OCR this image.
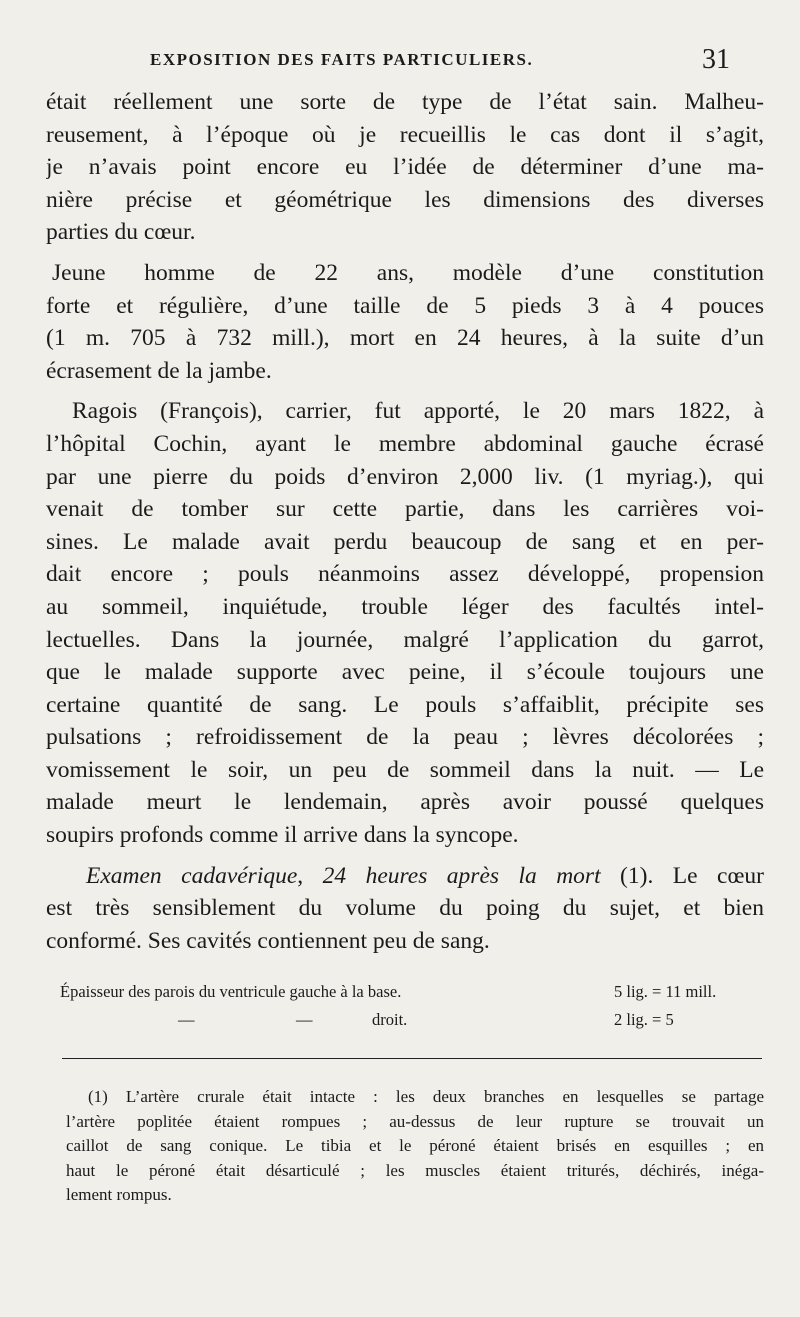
EXPOSITION DES FAITS PARTICULIERS.	31
était réellement une sorte de type de l’état sain. Malheu-
reusement, à l’époque où je recueillis le cas dont il s’agit,
je n’avais point encore eu l’idée de déterminer d’une ma-
nière précise et géométrique les dimensions des diverses
parties du cœur.
Jeune homme de 22 ans, modèle d’une constitution
forte et régulière, d’une taille de 5 pieds 3 à 4 pouces
(1 m. 705 à 732 mill.), mort en 24 heures, à la suite d’un
écrasement de la jambe.
Ragois (François), carrier, fut apporté, le 20 mars 1822, à
l’hôpital Cochin, ayant le membre abdominal gauche écrasé
par une pierre du poids d’environ 2,000 liv. (1 myriag.), qui
venait de tomber sur cette partie, dans les carrières voi-
sines. Le malade avait perdu beaucoup de sang et en per-
dait encore ; pouls néanmoins assez développé, propension
au sommeil, inquiétude, trouble léger des facultés intel-
lectuelles. Dans la journée, malgré l’application du garrot,
que le malade supporte avec peine, il s’écoule toujours une
certaine quantité de sang. Le pouls s’affaiblit, précipite ses
pulsations ; refroidissement de la peau ; lèvres décolorées ;
vomissement le soir, un peu de sommeil dans la nuit. — Le
malade meurt le lendemain, après avoir poussé quelques
soupirs profonds comme il arrive dans la syncope.
Examen cadavérique, 24 heures après la mort (1). Le cœur
est très sensiblement du volume du poing du sujet, et bien
conformé. Ses cavités contiennent peu de sang.
Épaisseur des parois du ventricule gauche à la base.	5 lig. = 11 mill.
—	—	droit.	2 lig. = 5
(1) L’artère crurale était intacte : les deux branches en lesquelles se partage
l’artère poplitée étaient rompues ; au-dessus de leur rupture se trouvait un
caillot de sang conique. Le tibia et le péroné étaient brisés en esquilles ; en
haut le péroné était désarticulé ; les muscles étaient triturés, déchirés, inéga-
lement rompus.
